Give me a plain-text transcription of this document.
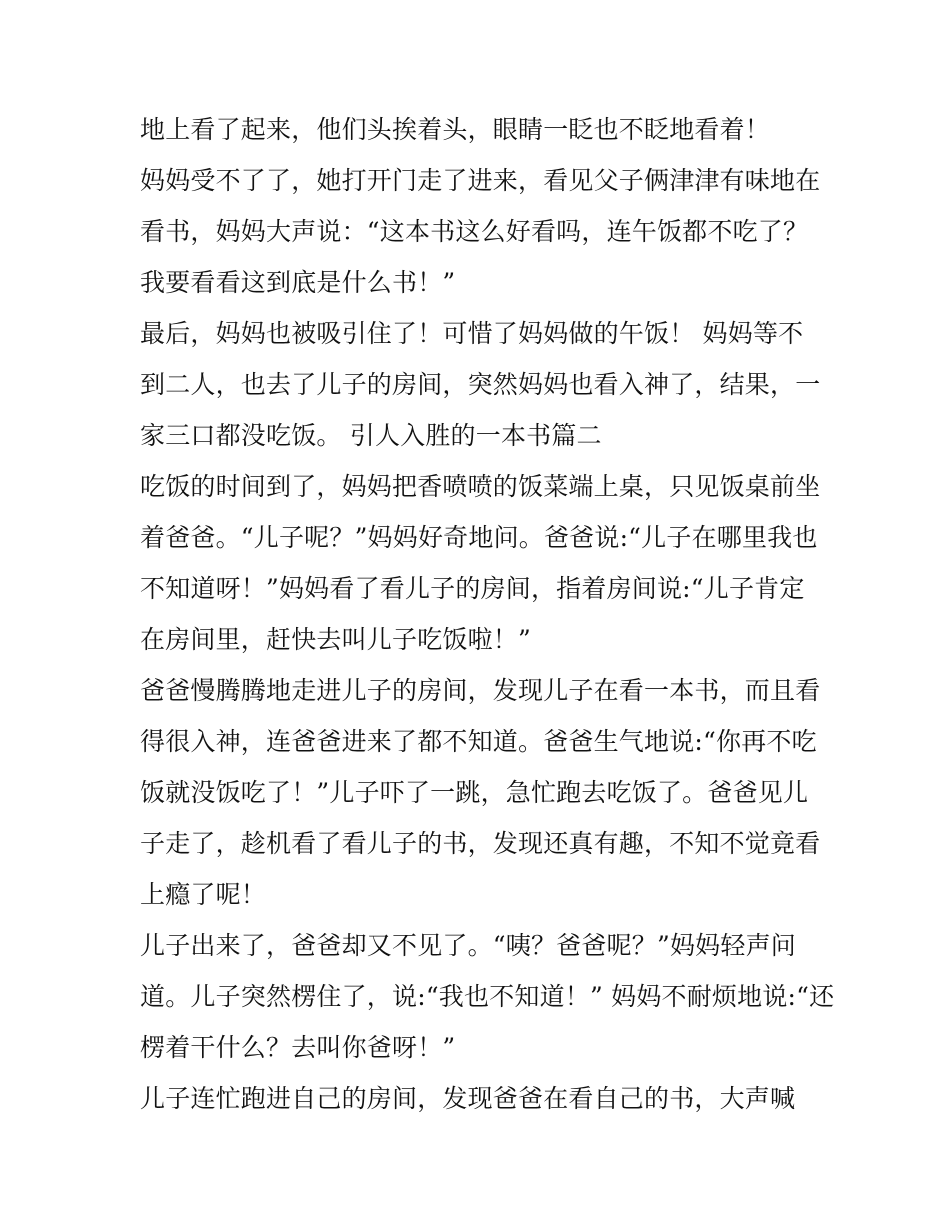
地上看了起来，他们头挨着头，眼睛一眨也不眨地看着！
妈妈受不了了，她打开门走了进来，看见父子俩津津有味地在
看书，妈妈大声说：“这本书这么好看吗，连午饭都不吃了？
我要看看这到底是什么书！”
最后，妈妈也被吸引住了！可惜了妈妈做的午饭！ 妈妈等不
到二人，也去了儿子的房间，突然妈妈也看入神了，结果，一
家三口都没吃饭。 引人入胜的一本书篇二
吃饭的时间到了，妈妈把香喷喷的饭菜端上桌，只见饭桌前坐
着爸爸。“儿子呢？”妈妈好奇地问。爸爸说:“儿子在哪里我也
不知道呀！”妈妈看了看儿子的房间，指着房间说:“儿子肯定
在房间里，赶快去叫儿子吃饭啦！”
爸爸慢腾腾地走进儿子的房间，发现儿子在看一本书，而且看
得很入神，连爸爸进来了都不知道。爸爸生气地说:“你再不吃
饭就没饭吃了！”儿子吓了一跳，急忙跑去吃饭了。爸爸见儿
子走了，趁机看了看儿子的书，发现还真有趣，不知不觉竟看
上瘾了呢！
儿子出来了，爸爸却又不见了。“咦？爸爸呢？”妈妈轻声问
道。儿子突然楞住了，说:“我也不知道！” 妈妈不耐烦地说:“还
楞着干什么？去叫你爸呀！”
儿子连忙跑进自己的房间，发现爸爸在看自己的书，大声喊
